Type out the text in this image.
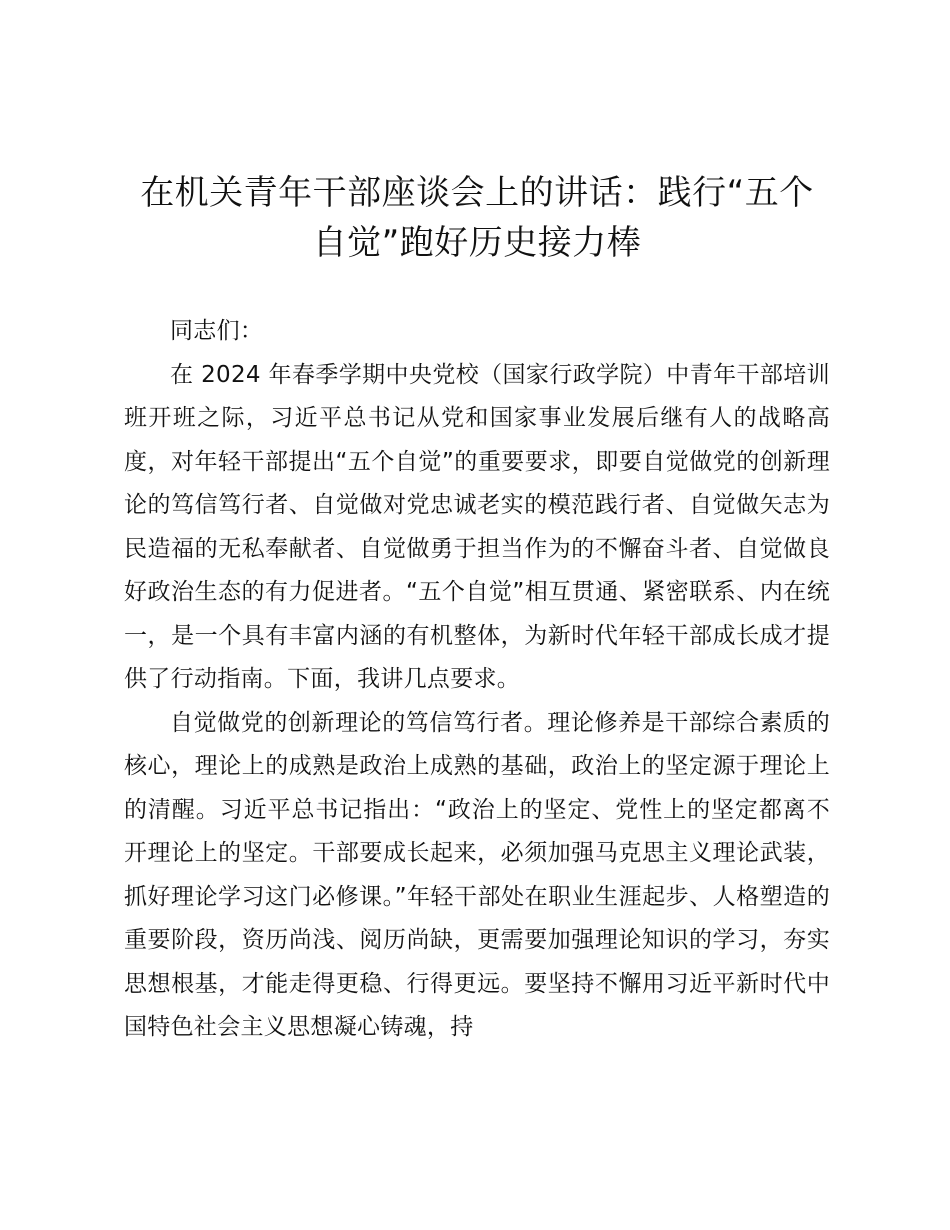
在机关青年干部座谈会上的讲话：践行“五个自觉”跑好历史接力棒

同志们：

在 2024 年春季学期中央党校（国家行政学院）中青年干部培训班开班之际，习近平总书记从党和国家事业发展后继有人的战略高度，对年轻干部提出“五个自觉”的重要要求，即要自觉做党的创新理论的笃信笃行者、自觉做对党忠诚老实的模范践行者、自觉做矢志为民造福的无私奉献者、自觉做勇于担当作为的不懈奋斗者、自觉做良好政治生态的有力促进者。“五个自觉”相互贯通、紧密联系、内在统一，是一个具有丰富内涵的有机整体，为新时代年轻干部成长成才提供了行动指南。下面，我讲几点要求。

自觉做党的创新理论的笃信笃行者。理论修养是干部综合素质的核心，理论上的成熟是政治上成熟的基础，政治上的坚定源于理论上的清醒。习近平总书记指出：“政治上的坚定、党性上的坚定都离不开理论上的坚定。干部要成长起来，必须加强马克思主义理论武装，抓好理论学习这门必修课。”年轻干部处在职业生涯起步、人格塑造的重要阶段，资历尚浅、阅历尚缺，更需要加强理论知识的学习，夯实思想根基，才能走得更稳、行得更远。要坚持不懈用习近平新时代中国特色社会主义思想凝心铸魂，持
